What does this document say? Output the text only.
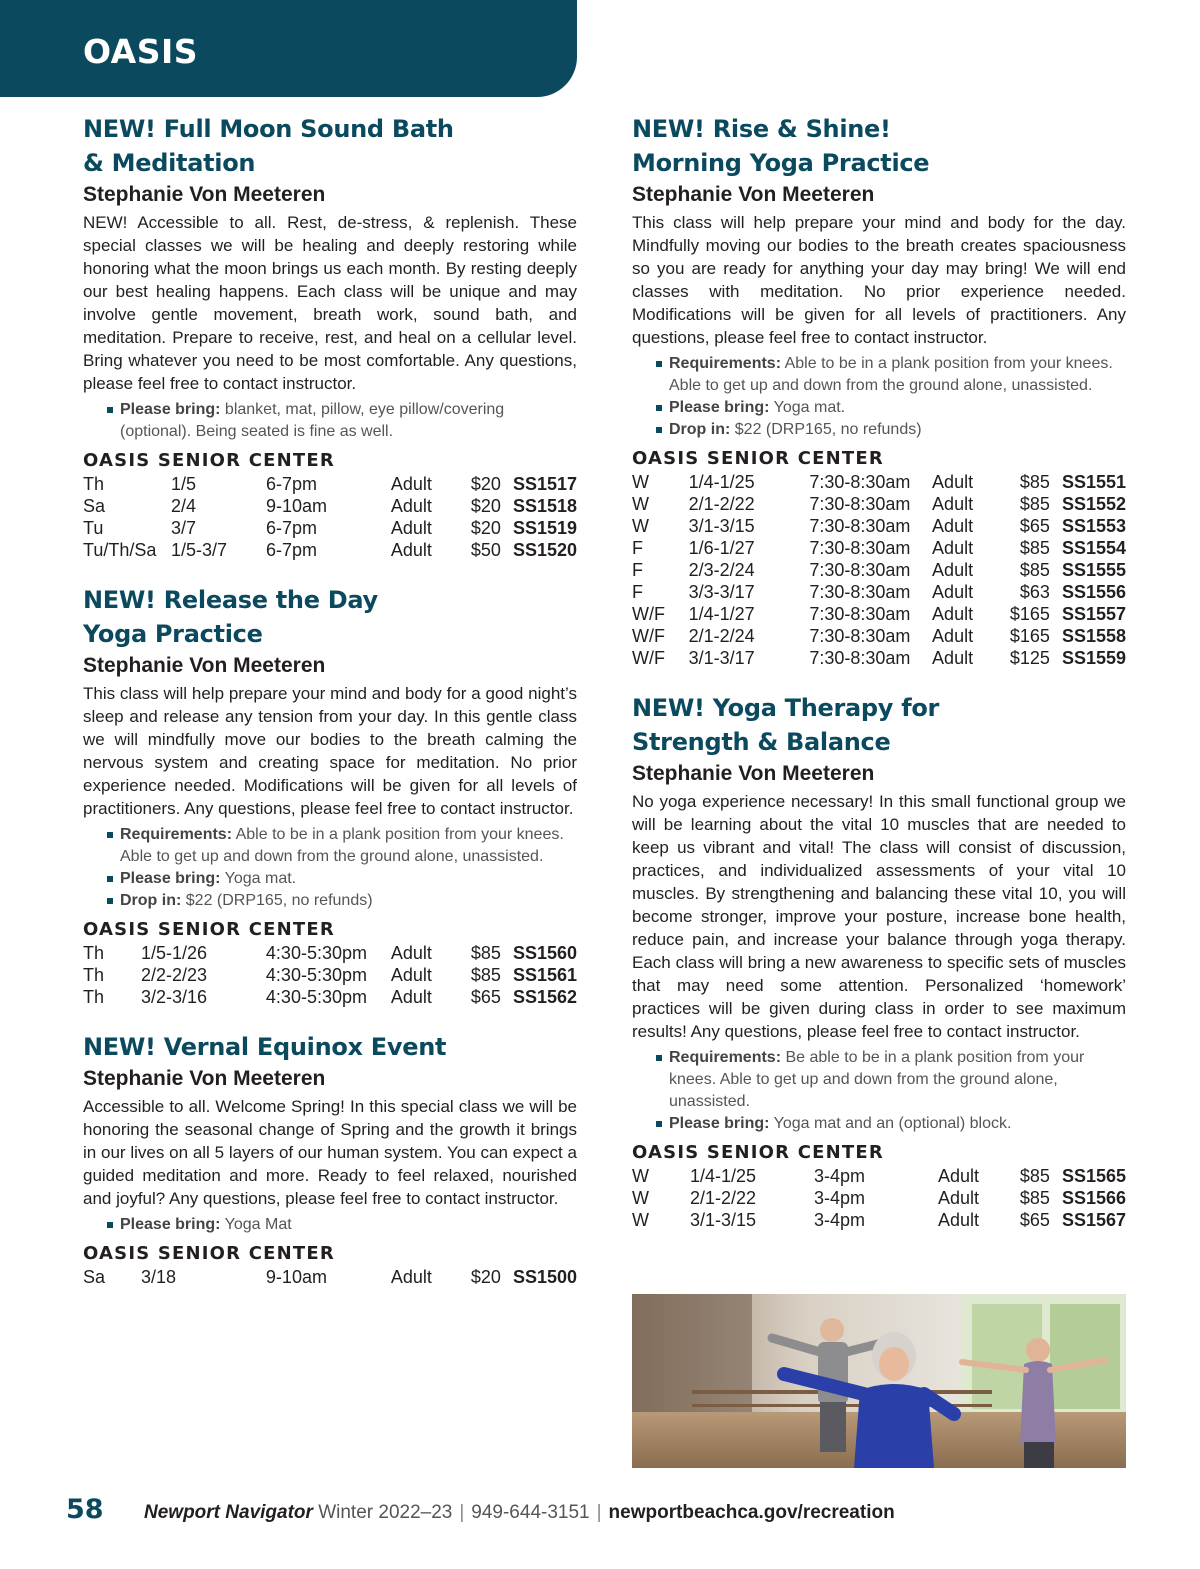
OASIS
NEW! Full Moon Sound Bath
& Meditation
Stephanie Von Meeteren
NEW! Accessible to all. Rest, de-stress, & replenish. These special classes we will be healing and deeply restoring while honoring what the moon brings us each month. By resting deeply our best healing happens. Each class will be unique and may involve gentle movement, breath work, sound bath, and meditation. Prepare to receive, rest, and heal on a cellular level. Bring whatever you need to be most comfortable. Any questions, please feel free to contact instructor.
Please bring: blanket, mat, pillow, eye pillow/covering (optional). Being seated is fine as well.
OASIS SENIOR CENTER
Th	1/5	6-7pm	Adult	$20	SS1517
Sa	2/4	9-10am	Adult	$20	SS1518
Tu	3/7	6-7pm	Adult	$20	SS1519
Tu/Th/Sa	1/5-3/7	6-7pm	Adult	$50	SS1520
NEW! Release the Day
Yoga Practice
Stephanie Von Meeteren
This class will help prepare your mind and body for a good night’s sleep and release any tension from your day. In this gentle class we will mindfully move our bodies to the breath calming the nervous system and creating space for meditation. No prior experience needed. Modifications will be given for all levels of practitioners. Any questions, please feel free to contact instructor.
Requirements: Able to be in a plank position from your knees. Able to get up and down from the ground alone, unassisted.
Please bring: Yoga mat.
Drop in: $22 (DRP165, no refunds)
OASIS SENIOR CENTER
Th	1/5-1/26	4:30-5:30pm	Adult	$85	SS1560
Th	2/2-2/23	4:30-5:30pm	Adult	$85	SS1561
Th	3/2-3/16	4:30-5:30pm	Adult	$65	SS1562
NEW! Vernal Equinox Event
Stephanie Von Meeteren
Accessible to all. Welcome Spring! In this special class we will be honoring the seasonal change of Spring and the growth it brings in our lives on all 5 layers of our human system. You can expect a guided meditation and more. Ready to feel relaxed, nourished and joyful? Any questions, please feel free to contact instructor.
Please bring: Yoga Mat
OASIS SENIOR CENTER
Sa	3/18	9-10am	Adult	$20	SS1500
NEW! Rise & Shine!
Morning Yoga Practice
Stephanie Von Meeteren
This class will help prepare your mind and body for the day. Mindfully moving our bodies to the breath creates spaciousness so you are ready for anything your day may bring! We will end classes with meditation. No prior experience needed. Modifications will be given for all levels of practitioners. Any questions, please feel free to contact instructor.
Requirements: Able to be in a plank position from your knees. Able to get up and down from the ground alone, unassisted.
Please bring: Yoga mat.
Drop in: $22 (DRP165, no refunds)
OASIS SENIOR CENTER
W	1/4-1/25	7:30-8:30am	Adult	$85	SS1551
W	2/1-2/22	7:30-8:30am	Adult	$85	SS1552
W	3/1-3/15	7:30-8:30am	Adult	$65	SS1553
F	1/6-1/27	7:30-8:30am	Adult	$85	SS1554
F	2/3-2/24	7:30-8:30am	Adult	$85	SS1555
F	3/3-3/17	7:30-8:30am	Adult	$63	SS1556
W/F	1/4-1/27	7:30-8:30am	Adult	$165	SS1557
W/F	2/1-2/24	7:30-8:30am	Adult	$165	SS1558
W/F	3/1-3/17	7:30-8:30am	Adult	$125	SS1559
NEW! Yoga Therapy for
Strength & Balance
Stephanie Von Meeteren
No yoga experience necessary! In this small functional group we will be learning about the vital 10 muscles that are needed to keep us vibrant and vital! The class will consist of discussion, practices, and individualized assessments of your vital 10 muscles. By strengthening and balancing these vital 10, you will become stronger, improve your posture, increase bone health, reduce pain, and increase your balance through yoga therapy. Each class will bring a new awareness to specific sets of muscles that may need some attention. Personalized ‘homework’ practices will be given during class in order to see maximum results! Any questions, please feel free to contact instructor.
Requirements: Be able to be in a plank position from your knees. Able to get up and down from the ground alone, unassisted.
Please bring: Yoga mat and an (optional) block.
OASIS SENIOR CENTER
W	1/4-1/25	3-4pm	Adult	$85	SS1565
W	2/1-2/22	3-4pm	Adult	$85	SS1566
W	3/1-3/15	3-4pm	Adult	$65	SS1567
58 Newport Navigator Winter 2022–23 | 949-644-3151 | newportbeachca.gov/recreation
